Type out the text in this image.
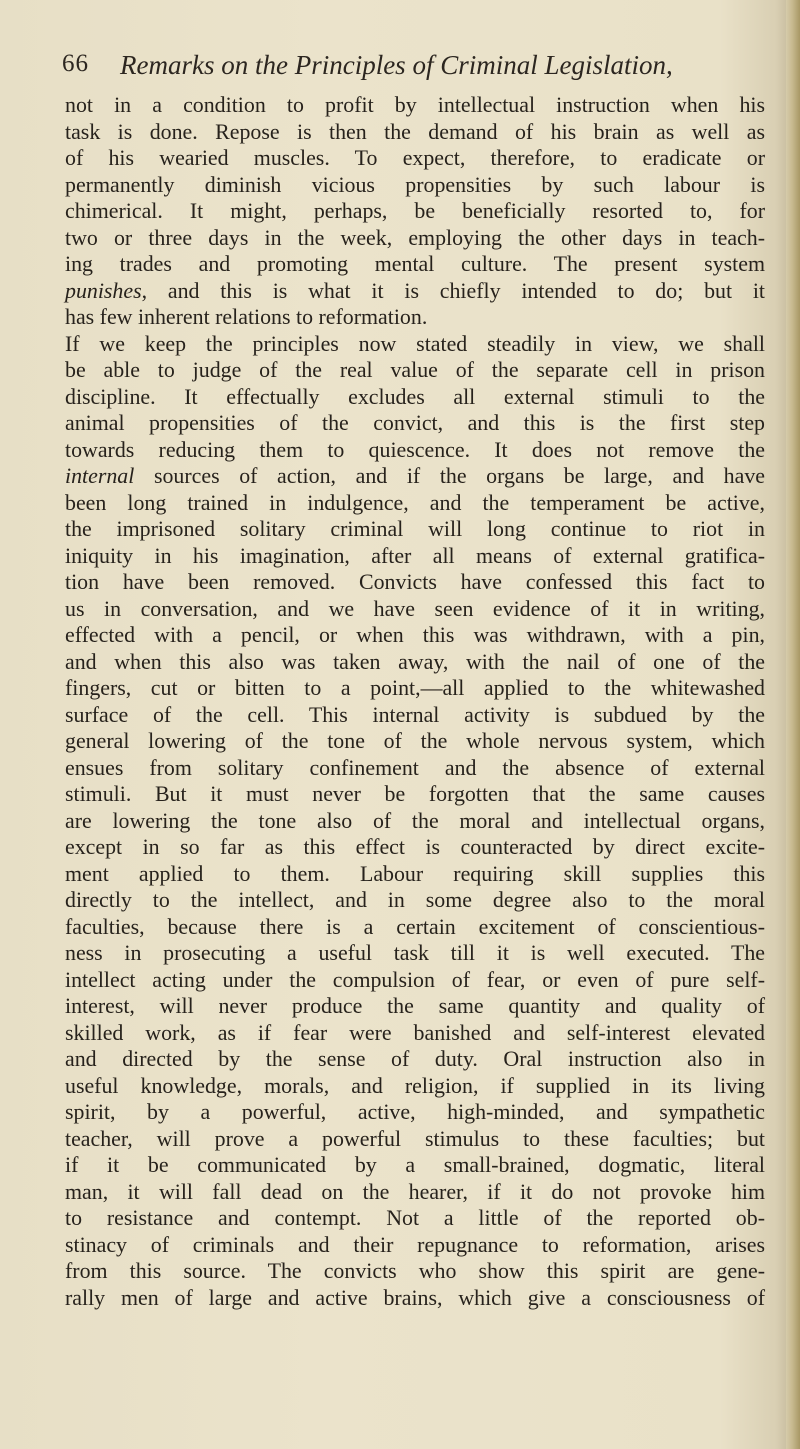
66 Remarks on the Principles of Criminal Legislation,
not in a condition to profit by intellectual instruction when his
task is done. Repose is then the demand of his brain as well as
of his wearied muscles. To expect, therefore, to eradicate or
permanently diminish vicious propensities by such labour is
chimerical. It might, perhaps, be beneficially resorted to, for
two or three days in the week, employing the other days in teach-
ing trades and promoting mental culture. The present system
punishes, and this is what it is chiefly intended to do; but it
has few inherent relations to reformation.
If we keep the principles now stated steadily in view, we shall
be able to judge of the real value of the separate cell in prison
discipline. It effectually excludes all external stimuli to the
animal propensities of the convict, and this is the first step
towards reducing them to quiescence. It does not remove the
internal sources of action, and if the organs be large, and have
been long trained in indulgence, and the temperament be active,
the imprisoned solitary criminal will long continue to riot in
iniquity in his imagination, after all means of external gratifica-
tion have been removed. Convicts have confessed this fact to
us in conversation, and we have seen evidence of it in writing,
effected with a pencil, or when this was withdrawn, with a pin,
and when this also was taken away, with the nail of one of the
fingers, cut or bitten to a point,—all applied to the whitewashed
surface of the cell. This internal activity is subdued by the
general lowering of the tone of the whole nervous system, which
ensues from solitary confinement and the absence of external
stimuli. But it must never be forgotten that the same causes
are lowering the tone also of the moral and intellectual organs,
except in so far as this effect is counteracted by direct excite-
ment applied to them. Labour requiring skill supplies this
directly to the intellect, and in some degree also to the moral
faculties, because there is a certain excitement of conscientious-
ness in prosecuting a useful task till it is well executed. The
intellect acting under the compulsion of fear, or even of pure self-
interest, will never produce the same quantity and quality of
skilled work, as if fear were banished and self-interest elevated
and directed by the sense of duty. Oral instruction also in
useful knowledge, morals, and religion, if supplied in its living
spirit, by a powerful, active, high-minded, and sympathetic
teacher, will prove a powerful stimulus to these faculties; but
if it be communicated by a small-brained, dogmatic, literal
man, it will fall dead on the hearer, if it do not provoke him
to resistance and contempt. Not a little of the reported ob-
stinacy of criminals and their repugnance to reformation, arises
from this source. The convicts who show this spirit are gene-
rally men of large and active brains, which give a consciousness of
